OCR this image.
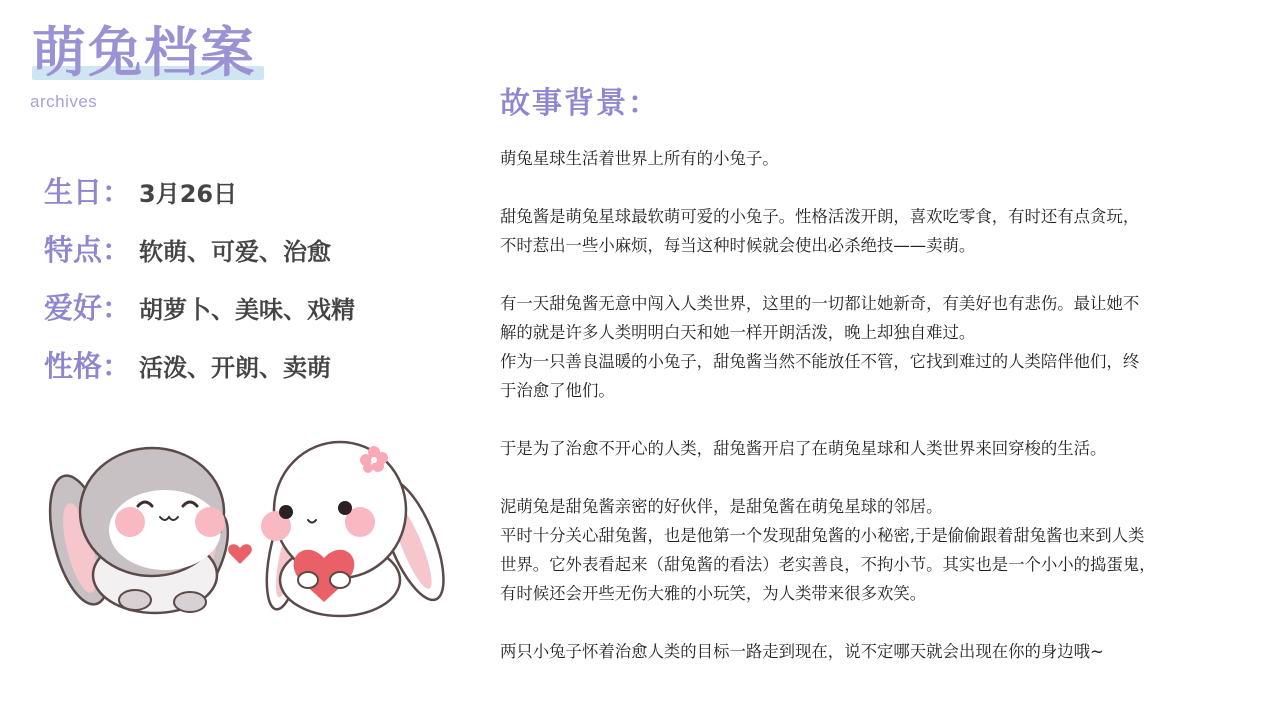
萌兔档案
archives
生日： 3月26日
特点： 软萌、可爱、治愈
爱好： 胡萝卜、美味、戏精
性格： 活泼、开朗、卖萌
故事背景：
萌兔星球生活着世界上所有的小兔子。
甜兔酱是萌兔星球最软萌可爱的小兔子。性格活泼开朗，喜欢吃零食，有时还有点贪玩，
不时惹出一些小麻烦，每当这种时候就会使出必杀绝技——卖萌。
有一天甜兔酱无意中闯入人类世界，这里的一切都让她新奇，有美好也有悲伤。最让她不
解的就是许多人类明明白天和她一样开朗活泼，晚上却独自难过。
作为一只善良温暖的小兔子，甜兔酱当然不能放任不管，它找到难过的人类陪伴他们，终
于治愈了他们。
于是为了治愈不开心的人类，甜兔酱开启了在萌兔星球和人类世界来回穿梭的生活。
泥萌兔是甜兔酱亲密的好伙伴，是甜兔酱在萌兔星球的邻居。
平时十分关心甜兔酱，也是他第一个发现甜兔酱的小秘密,于是偷偷跟着甜兔酱也来到人类
世界。它外表看起来（甜兔酱的看法）老实善良，不拘小节。其实也是一个小小的捣蛋鬼，
有时候还会开些无伤大雅的小玩笑，为人类带来很多欢笑。
两只小兔子怀着治愈人类的目标一路走到现在，说不定哪天就会出现在你的身边哦~
